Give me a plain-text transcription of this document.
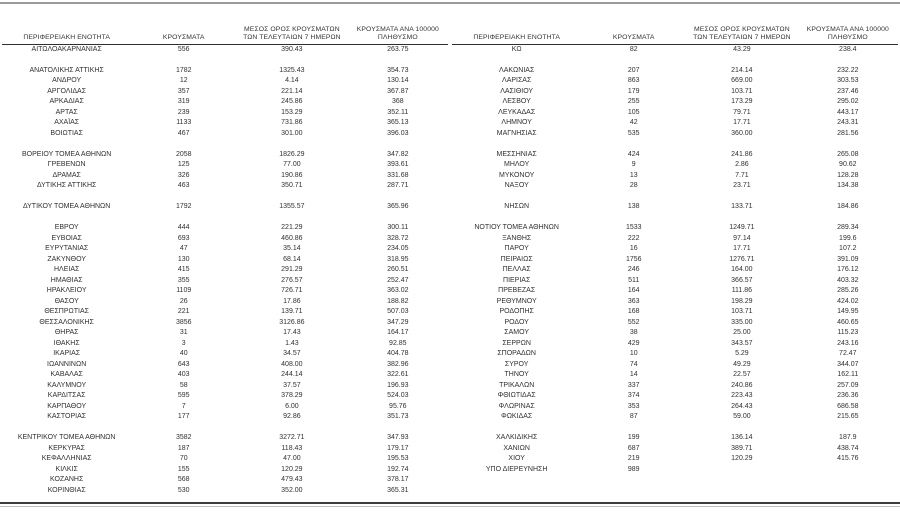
ΠΕΡΙΦΕΡΕΙΑΚΗ ΕΝΟΤΗΤΑ	ΚΡΟΥΣΜΑΤΑ	ΜΕΣΟΣ ΟΡΟΣ ΚΡΟΥΣΜΑΤΩΝ
ΤΩΝ ΤΕΛΕΥΤΑΙΩΝ 7 ΗΜΕΡΩΝ	ΚΡΟΥΣΜΑΤΑ ΑΝΑ 100000
ΠΛΗΘΥΣΜΟ

ΑΙΤΩΛΟΑΚΑΡΝΑΝΙΑΣ	556	390.43	263.75

ΑΝΑΤΟΛΙΚΗΣ ΑΤΤΙΚΗΣ	1782	1325.43	354.73
ΑΝΔΡΟΥ	12	4.14	130.14
ΑΡΓΟΛΙΔΑΣ	357	221.14	367.87
ΑΡΚΑΔΙΑΣ	319	245.86	368
ΑΡΤΑΣ	239	153.29	352.11
ΑΧΑΪΑΣ	1133	731.86	365.13
ΒΟΙΩΤΙΑΣ	467	301.00	396.03

ΒΟΡΕΙΟΥ ΤΟΜΕΑ ΑΘΗΝΩΝ	2058	1826.29	347.82
ΓΡΕΒΕΝΩΝ	125	77.00	393.61
ΔΡΑΜΑΣ	326	190.86	331.68
ΔΥΤΙΚΗΣ ΑΤΤΙΚΗΣ	463	350.71	287.71

ΔΥΤΙΚΟΥ ΤΟΜΕΑ ΑΘΗΝΩΝ	1792	1355.57	365.96

ΕΒΡΟΥ	444	221.29	300.11
ΕΥΒΟΙΑΣ	693	460.86	328.72
ΕΥΡΥΤΑΝΙΑΣ	47	35.14	234.05
ΖΑΚΥΝΘΟΥ	130	68.14	318.95
ΗΛΕΙΑΣ	415	291.29	260.51
ΗΜΑΘΙΑΣ	355	276.57	252.47
ΗΡΑΚΛΕΙΟΥ	1109	726.71	363.02
ΘΑΣΟΥ	26	17.86	188.82
ΘΕΣΠΡΩΤΙΑΣ	221	139.71	507.03
ΘΕΣΣΑΛΟΝΙΚΗΣ	3856	3126.86	347.29
ΘΗΡΑΣ	31	17.43	164.17
ΙΘΑΚΗΣ	3	1.43	92.85
ΙΚΑΡΙΑΣ	40	34.57	404.78
ΙΩΑΝΝΙΝΩΝ	643	408.00	382.96
ΚΑΒΑΛΑΣ	403	244.14	322.61
ΚΑΛΥΜΝΟΥ	58	37.57	196.93
ΚΑΡΔΙΤΣΑΣ	595	378.29	524.03
ΚΑΡΠΑΘΟΥ	7	6.00	95.76
ΚΑΣΤΟΡΙΑΣ	177	92.86	351.73

ΚΕΝΤΡΙΚΟΥ ΤΟΜΕΑ ΑΘΗΝΩΝ	3582	3272.71	347.93
ΚΕΡΚΥΡΑΣ	187	118.43	179.17
ΚΕΦΑΛΛΗΝΙΑΣ	70	47.00	195.53
ΚΙΛΚΙΣ	155	120.29	192.74
ΚΟΖΑΝΗΣ	568	479.43	378.17
ΚΟΡΙΝΘΙΑΣ	530	352.00	365.31
ΠΕΡΙΦΕΡΕΙΑΚΗ ΕΝΟΤΗΤΑ	ΚΡΟΥΣΜΑΤΑ	ΜΕΣΟΣ ΟΡΟΣ ΚΡΟΥΣΜΑΤΩΝ
ΤΩΝ ΤΕΛΕΥΤΑΙΩΝ 7 ΗΜΕΡΩΝ	ΚΡΟΥΣΜΑΤΑ ΑΝΑ 100000
ΠΛΗΘΥΣΜΟ

ΚΩ	82	43.29	238.4

ΛΑΚΩΝΙΑΣ	207	214.14	232.22
ΛΑΡΙΣΑΣ	863	669.00	303.53
ΛΑΣΙΘΙΟΥ	179	103.71	237.46
ΛΕΣΒΟΥ	255	173.29	295.02
ΛΕΥΚΑΔΑΣ	105	79.71	443.17
ΛΗΜΝΟΥ	42	17.71	243.31
ΜΑΓΝΗΣΙΑΣ	535	360.00	281.56

ΜΕΣΣΗΝΙΑΣ	424	241.86	265.08
ΜΗΛΟΥ	9	2.86	90.62
ΜΥΚΟΝΟΥ	13	7.71	128.28
ΝΑΞΟΥ	28	23.71	134.38

ΝΗΣΩΝ	138	133.71	184.86

ΝΟΤΙΟΥ ΤΟΜΕΑ ΑΘΗΝΩΝ	1533	1249.71	289.34
ΞΑΝΘΗΣ	222	97.14	199.6
ΠΑΡΟΥ	16	17.71	107.2
ΠΕΙΡΑΙΩΣ	1756	1276.71	391.09
ΠΕΛΛΑΣ	246	164.00	176.12
ΠΙΕΡΙΑΣ	511	366.57	403.32
ΠΡΕΒΕΖΑΣ	164	111.86	285.26
ΡΕΘΥΜΝΟΥ	363	198.29	424.02
ΡΟΔΟΠΗΣ	168	103.71	149.95
ΡΟΔΟΥ	552	335.00	460.65
ΣΑΜΟΥ	38	25.00	115.23
ΣΕΡΡΩΝ	429	343.57	243.16
ΣΠΟΡΑΔΩΝ	10	5.29	72.47
ΣΥΡΟΥ	74	49.29	344.07
ΤΗΝΟΥ	14	22.57	162.11
ΤΡΙΚΑΛΩΝ	337	240.86	257.09
ΦΘΙΩΤΙΔΑΣ	374	223.43	236.36
ΦΛΩΡΙΝΑΣ	353	264.43	686.58
ΦΩΚΙΔΑΣ	87	59.00	215.65

ΧΑΛΚΙΔΙΚΗΣ	199	136.14	187.9
ΧΑΝΙΩΝ	687	389.71	438.74
ΧΙΟΥ	219	120.29	415.76
ΥΠΟ ΔΙΕΡΕΥΝΗΣΗ	989		
